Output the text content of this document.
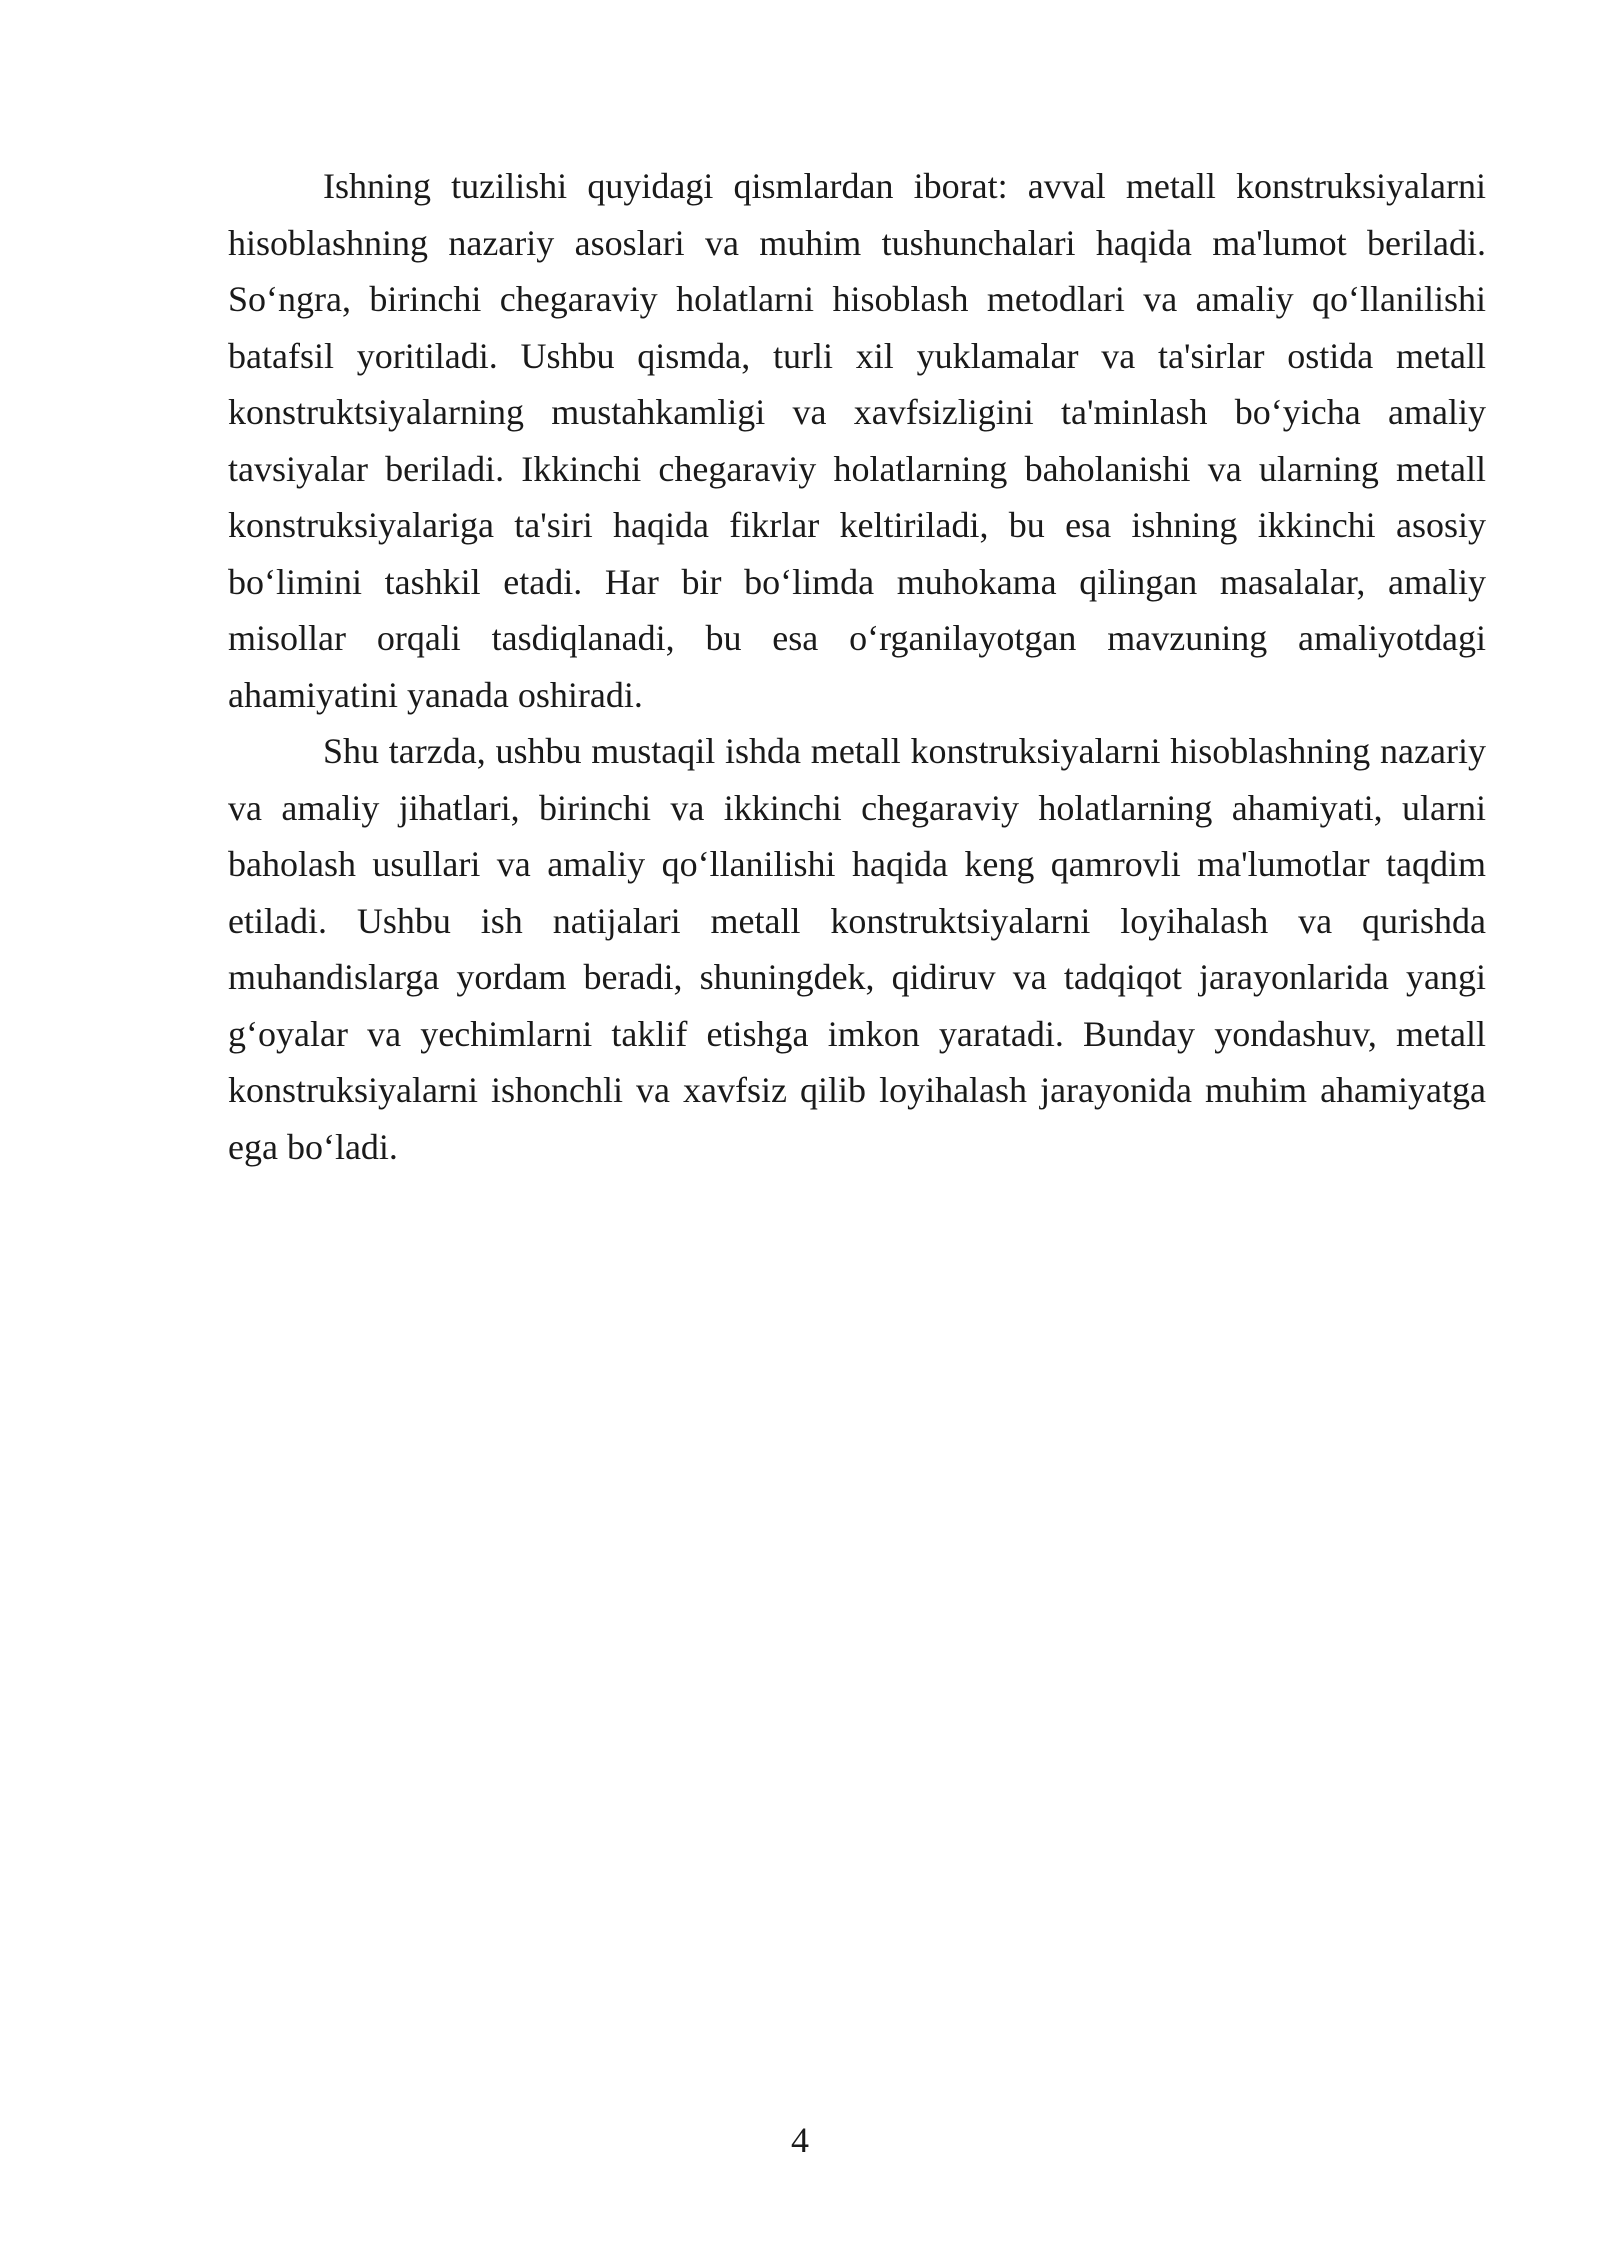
Ishning tuzilishi quyidagi qismlardan iborat: avval metall konstruksiyalarni hisoblashning nazariy asoslari va muhim tushunchalari haqida ma'lumot beriladi. So‘ngra, birinchi chegaraviy holatlarni hisoblash metodlari va amaliy qo‘llanilishi batafsil yoritiladi. Ushbu qismda, turli xil yuklamalar va ta'sirlar ostida metall konstruktsiyalarning mustahkamligi va xavfsizligini ta'minlash bo‘yicha amaliy tavsiyalar beriladi. Ikkinchi chegaraviy holatlarning baholanishi va ularning metall konstruksiyalariga ta'siri haqida fikrlar keltiriladi, bu esa ishning ikkinchi asosiy bo‘limini tashkil etadi. Har bir bo‘limda muhokama qilingan masalalar, amaliy misollar orqali tasdiqlanadi, bu esa o‘rganilayotgan mavzuning amaliyotdagi ahamiyatini yanada oshiradi.

Shu tarzda, ushbu mustaqil ishda metall konstruksiyalarni hisoblashning nazariy va amaliy jihatlari, birinchi va ikkinchi chegaraviy holatlarning ahamiyati, ularni baholash usullari va amaliy qo‘llanilishi haqida keng qamrovli ma'lumotlar taqdim etiladi. Ushbu ish natijalari metall konstruktsiyalarni loyihalash va qurishda muhandislarga yordam beradi, shuningdek, qidiruv va tadqiqot jarayonlarida yangi g‘oyalar va yechimlarni taklif etishga imkon yaratadi. Bunday yondashuv, metall konstruksiyalarni ishonchli va xavfsiz qilib loyihalash jarayonida muhim ahamiyatga ega bo‘ladi.

4
